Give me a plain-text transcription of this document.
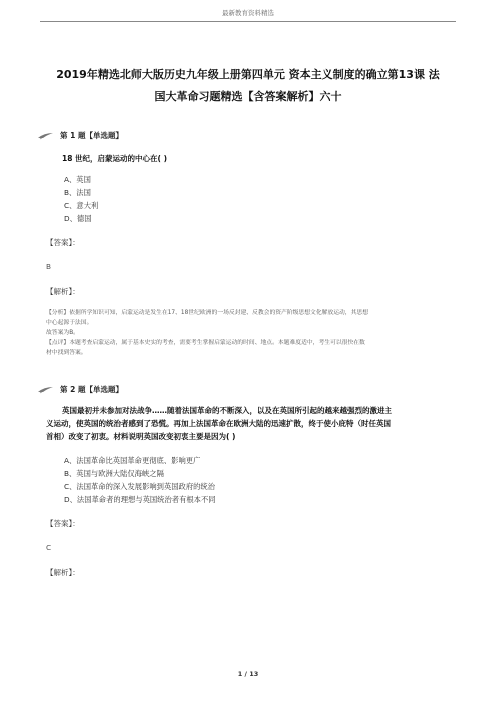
最新教育资料精选
2019年精选北师大版历史九年级上册第四单元 资本主义制度的确立第13课 法
国大革命习题精选【含答案解析】六十
第 1 题【单选题】
18 世纪，启蒙运动的中心在( )
A、英国
B、法国
C、意大利
D、德国
【答案】：
B
【解析】：
【分析】依据所学知识可知，启蒙运动是发生在17、18世纪欧洲的一场反封建、反教会的资产阶级思想文化解放运动，其思想
中心起源于法国。
故答案为B。
【点评】本题考查启蒙运动，属于基本史实的考查，需要考生掌握启蒙运动的时间、地点。本题难度适中，考生可以很快在数
材中找到答案。
第 2 题【单选题】
英国最初并未参加对法战争……随着法国革命的不断深入，以及在英国所引起的越来越强烈的激进主
义运动，使英国的统治者感到了恐慌。再加上法国革命在欧洲大陆的迅速扩散，终于使小庇特（时任英国
首相）改变了初衷。材料说明英国改变初衷主要是因为( )
A、法国革命比英国革命更彻底、影响更广
B、英国与欧洲大陆仅海峡之隔
C、法国革命的深入发展影响到英国政府的统治
D、法国革命者的理想与英国统治者有根本不同
【答案】：
C
【解析】：
1 / 13
